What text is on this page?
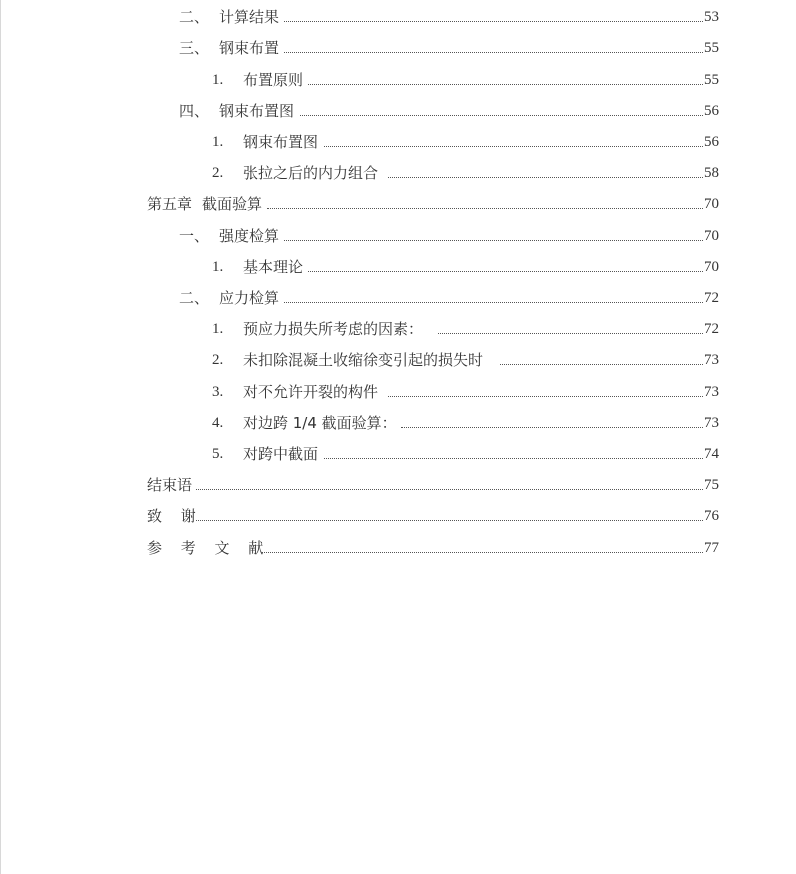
二、 计算结果	53
三、 钢束布置	55
1. 布置原则	55
四、 钢束布置图	56
1. 钢束布置图	56
2. 张拉之后的内力组合	58
第五章 截面验算	70
一、 强度检算	70
1. 基本理论	70
二、 应力检算	72
1. 预应力损失所考虑的因素：	72
2. 未扣除混凝土收缩徐变引起的损失时	73
3. 对不允许开裂的构件	73
4. 对边跨 1/4 截面验算：	73
5. 对跨中截面	74
结束语	75
致 谢	76
参 考 文 献	77
